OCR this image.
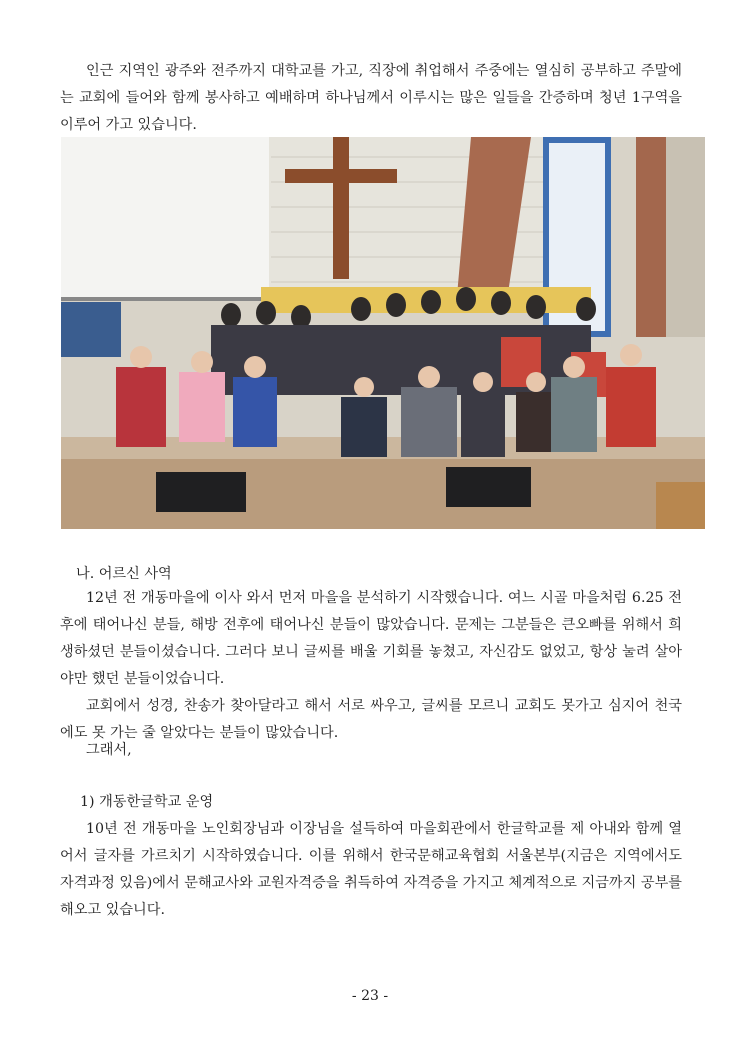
인근 지역인 광주와 전주까지 대학교를 가고, 직장에 취업해서 주중에는 열심히 공부하고 주말에는 교회에 들어와 함께 봉사하고 예배하며 하나님께서 이루시는 많은 일들을 간증하며 청년 1구역을 이루어 가고 있습니다.
나. 어르신 사역
12년 전 개동마을에 이사 와서 먼저 마을을 분석하기 시작했습니다. 여느 시골 마을처럼 6.25 전후에 태어나신 분들, 해방 전후에 태어나신 분들이 많았습니다. 문제는 그분들은 큰오빠를 위해서 희생하셨던 분들이셨습니다. 그러다 보니 글씨를 배울 기회를 놓쳤고, 자신감도 없었고, 항상 눌려 살아야만 했던 분들이었습니다.
교회에서 성경, 찬송가 찾아달라고 해서 서로 싸우고, 글씨를 모르니 교회도 못가고 심지어 천국에도 못 가는 줄 알았다는 분들이 많았습니다.
그래서,
1) 개동한글학교 운영
10년 전 개동마을 노인회장님과 이장님을 설득하여 마을회관에서 한글학교를 제 아내와 함께 열어서 글자를 가르치기 시작하였습니다. 이를 위해서 한국문해교육협회 서울본부(지금은 지역에서도 자격과정 있음)에서 문해교사와 교원자격증을 취득하여 자격증을 가지고 체계적으로 지금까지 공부를 해오고 있습니다.
- 23 -
